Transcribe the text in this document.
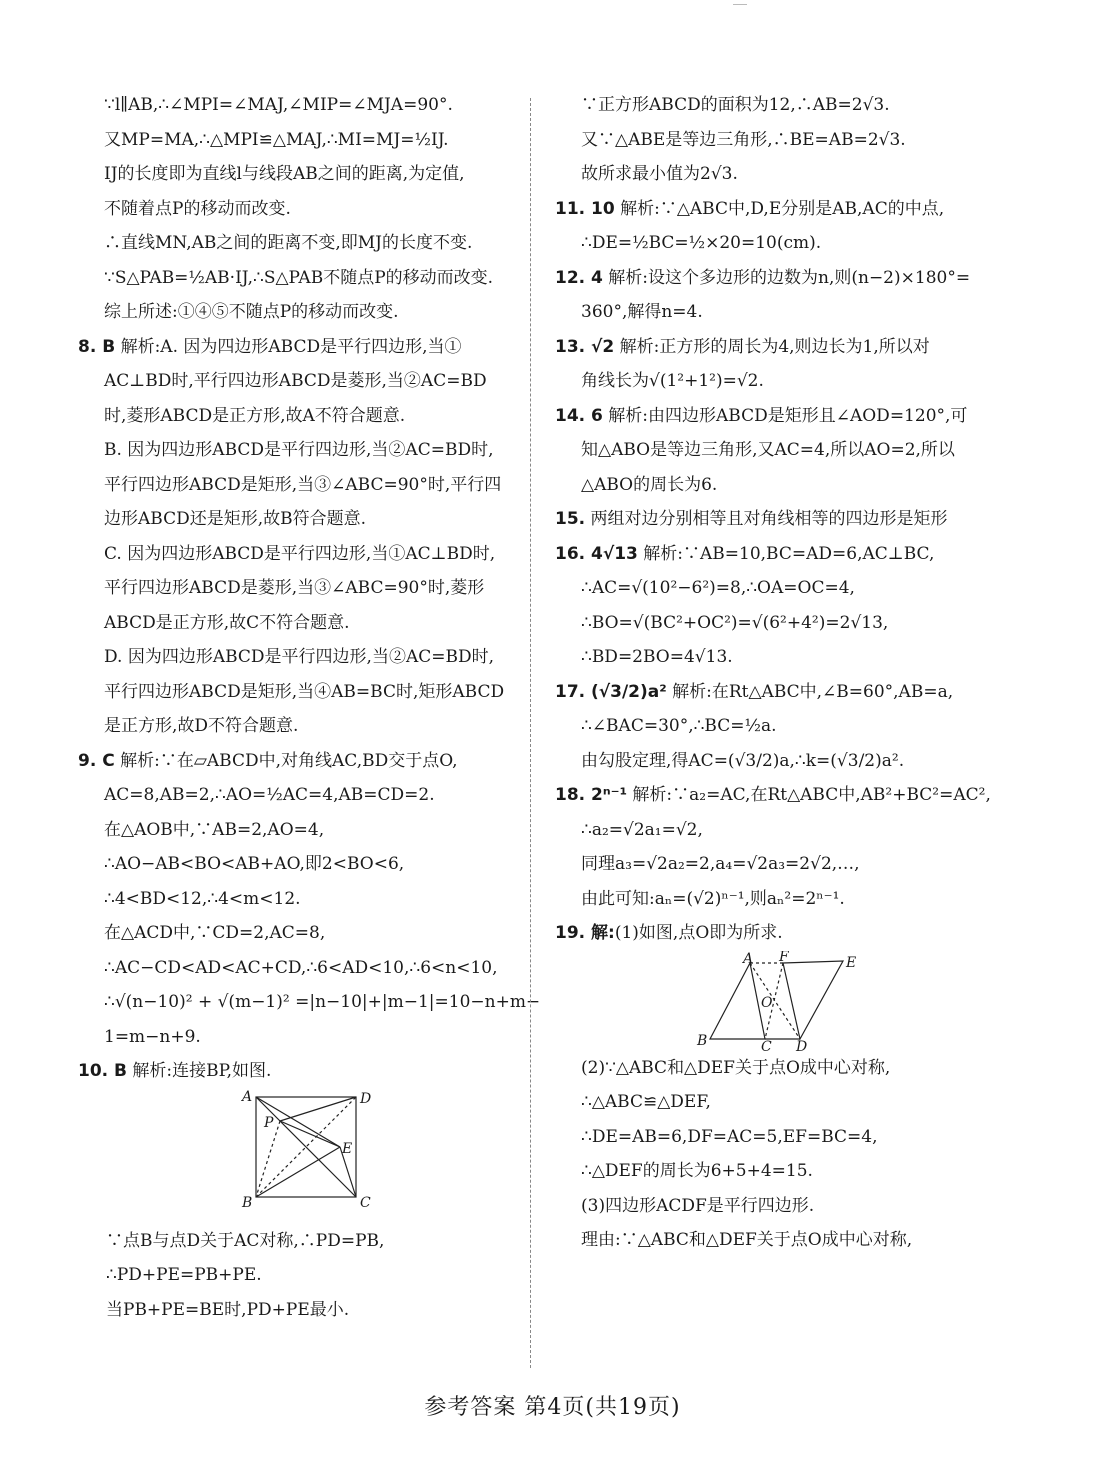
∵l∥AB,∴∠MPI=∠MAJ,∠MIP=∠MJA=90°.
又MP=MA,∴△MPI≌△MAJ,∴MI=MJ=½IJ.
IJ的长度即为直线l与线段AB之间的距离,为定值,
不随着点P的移动而改变.
∴直线MN,AB之间的距离不变,即MJ的长度不变.
∵S△PAB=½AB·IJ,∴S△PAB不随点P的移动而改变.
综上所述:①④⑤不随点P的移动而改变.
8. B 解析:A. 因为四边形ABCD是平行四边形,当①
AC⊥BD时,平行四边形ABCD是菱形,当②AC=BD
时,菱形ABCD是正方形,故A不符合题意.
B. 因为四边形ABCD是平行四边形,当②AC=BD时,
平行四边形ABCD是矩形,当③∠ABC=90°时,平行四
边形ABCD还是矩形,故B符合题意.
C. 因为四边形ABCD是平行四边形,当①AC⊥BD时,
平行四边形ABCD是菱形,当③∠ABC=90°时,菱形
ABCD是正方形,故C不符合题意.
D. 因为四边形ABCD是平行四边形,当②AC=BD时,
平行四边形ABCD是矩形,当④AB=BC时,矩形ABCD
是正方形,故D不符合题意.
9. C 解析:∵在▱ABCD中,对角线AC,BD交于点O,
AC=8,AB=2,∴AO=½AC=4,AB=CD=2.
在△AOB中,∵AB=2,AO=4,
∴AO−AB<BO<AB+AO,即2<BO<6,
∴4<BD<12,∴4<m<12.
在△ACD中,∵CD=2,AC=8,
∴AC−CD<AD<AC+CD,∴6<AD<10,∴6<n<10,
∴√(n−10)² + √(m−1)² =|n−10|+|m−1|=10−n+m−
1=m−n+9.
10. B 解析:连接BP,如图.
A	D
B	C
P
E
∵点B与点D关于AC对称,∴PD=PB,
∴PD+PE=PB+PE.
当PB+PE=BE时,PD+PE最小.
∵正方形ABCD的面积为12,∴AB=2√3.
又∵△ABE是等边三角形,∴BE=AB=2√3.
故所求最小值为2√3.
11. 10 解析:∵△ABC中,D,E分别是AB,AC的中点,
∴DE=½BC=½×20=10(cm).
12. 4 解析:设这个多边形的边数为n,则(n−2)×180°=
360°,解得n=4.
13. √2 解析:正方形的周长为4,则边长为1,所以对
角线长为√(1²+1²)=√2.
14. 6 解析:由四边形ABCD是矩形且∠AOD=120°,可
知△ABO是等边三角形,又AC=4,所以AO=2,所以
△ABO的周长为6.
15. 两组对边分别相等且对角线相等的四边形是矩形
16. 4√13 解析:∵AB=10,BC=AD=6,AC⊥BC,
∴AC=√(10²−6²)=8,∴OA=OC=4,
∴BO=√(BC²+OC²)=√(6²+4²)=2√13,
∴BD=2BO=4√13.
17. (√3/2)a² 解析:在Rt△ABC中,∠B=60°,AB=a,
∴∠BAC=30°,∴BC=½a.
由勾股定理,得AC=(√3/2)a,∴k=(√3/2)a².
18. 2ⁿ⁻¹ 解析:∵a₂=AC,在Rt△ABC中,AB²+BC²=AC²,
∴a₂=√2a₁=√2,
同理a₃=√2a₂=2,a₄=√2a₃=2√2,…,
由此可知:aₙ=(√2)ⁿ⁻¹,则aₙ²=2ⁿ⁻¹.
19. 解:(1)如图,点O即为所求.
A F	E
O
B	C D
(2)∵△ABC和△DEF关于点O成中心对称,
∴△ABC≌△DEF,
∴DE=AB=6,DF=AC=5,EF=BC=4,
∴△DEF的周长为6+5+4=15.
(3)四边形ACDF是平行四边形.
理由:∵△ABC和△DEF关于点O成中心对称,
参考答案 第4页(共19页)
